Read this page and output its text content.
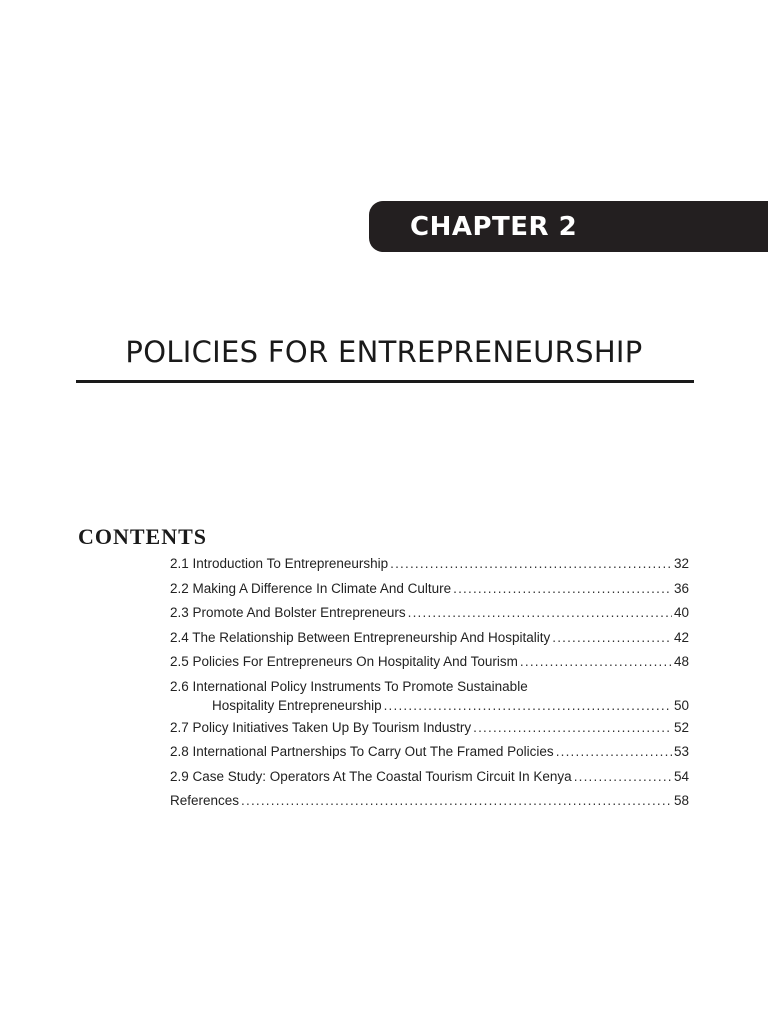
CHAPTER 2
POLICIES FOR ENTREPRENEURSHIP
CONTENTS
2.1 Introduction To Entrepreneurship .....	32
2.2 Making A Difference In Climate And Culture .....	36
2.3 Promote And Bolster Entrepreneurs .....	40
2.4 The Relationship Between Entrepreneurship And Hospitality .....	42
2.5 Policies For Entrepreneurs On Hospitality And Tourism .....	48
2.6 International Policy Instruments To Promote Sustainable
Hospitality Entrepreneurship .....	50
2.7 Policy Initiatives Taken Up By Tourism Industry .....	52
2.8 International Partnerships To Carry Out The Framed Policies .....	53
2.9 Case Study: Operators At The Coastal Tourism Circuit In Kenya .....	54
References .....	58
